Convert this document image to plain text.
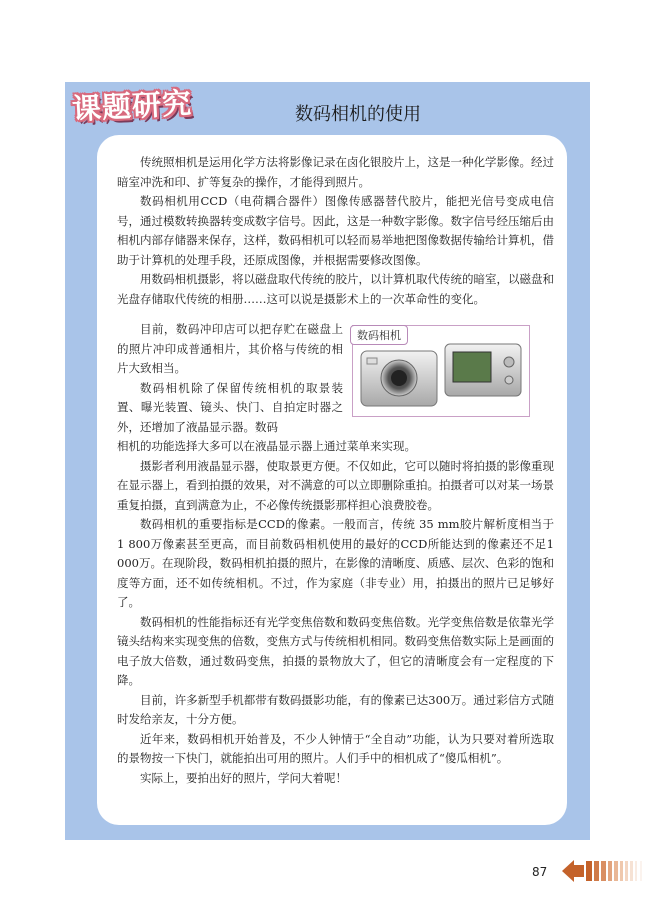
课题研究	数码相机的使用

传统照相机是运用化学方法将影像记录在卤化银胶片上，这是一种化学影像。经过暗室冲洗和印、扩等复杂的操作，才能得到照片。

数码相机用CCD（电荷耦合器件）图像传感器替代胶片，能把光信号变成电信号，通过模数转换器转变成数字信号。因此，这是一种数字影像。数字信号经压缩后由相机内部存储器来保存，这样，数码相机可以轻而易举地把图像数据传输给计算机，借助于计算机的处理手段，还原成图像，并根据需要修改图像。

用数码相机摄影，将以磁盘取代传统的胶片，以计算机取代传统的暗室，以磁盘和光盘存储取代传统的相册……这可以说是摄影术上的一次革命性的变化。

目前，数码冲印店可以把存贮在磁盘上的照片冲印成普通相片，其价格与传统的相片大致相当。

数码相机除了保留传统相机的取景装置、曝光装置、镜头、快门、自拍定时器之外，还增加了液晶显示器。数码

数码相机

相机的功能选择大多可以在液晶显示器上通过菜单来实现。

摄影者利用液晶显示器，使取景更方便。不仅如此，它可以随时将拍摄的影像重现在显示器上，看到拍摄的效果，对不满意的可以立即删除重拍。拍摄者可以对某一场景重复拍摄，直到满意为止，不必像传统摄影那样担心浪费胶卷。

数码相机的重要指标是CCD的像素。一般而言，传统 35 mm胶片解析度相当于 1 800万像素甚至更高，而目前数码相机使用的最好的CCD所能达到的像素还不足1 000万。在现阶段，数码相机拍摄的照片，在影像的清晰度、质感、层次、色彩的饱和度等方面，还不如传统相机。不过，作为家庭（非专业）用，拍摄出的照片已足够好了。

数码相机的性能指标还有光学变焦倍数和数码变焦倍数。光学变焦倍数是依靠光学镜头结构来实现变焦的倍数，变焦方式与传统相机相同。数码变焦倍数实际上是画面的电子放大倍数，通过数码变焦，拍摄的景物放大了，但它的清晰度会有一定程度的下降。

目前，许多新型手机都带有数码摄影功能，有的像素已达300万。通过彩信方式随时发给亲友，十分方便。

近年来，数码相机开始普及，不少人钟情于“全自动”功能，认为只要对着所选取的景物按一下快门，就能拍出可用的照片。人们手中的相机成了“傻瓜相机”。

实际上，要拍出好的照片，学问大着呢！

87
